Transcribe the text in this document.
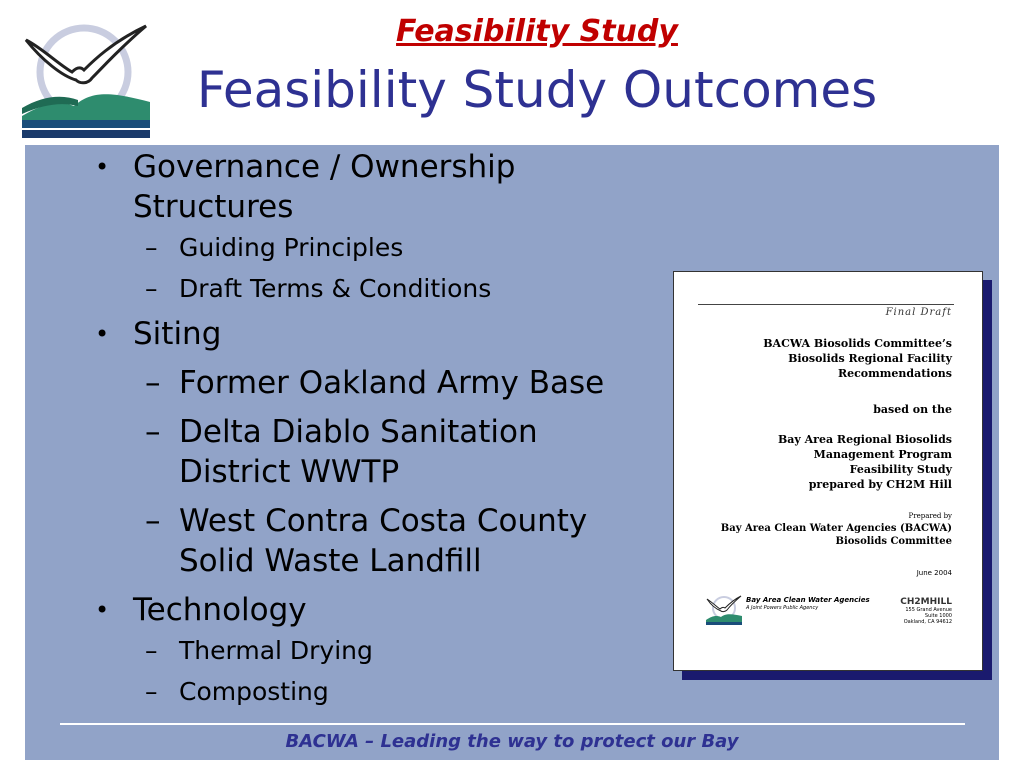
Feasibility Study
Feasibility Study Outcomes
• Governance / Ownership Structures
– Guiding Principles
– Draft Terms & Conditions
• Siting
– Former Oakland Army Base
– Delta Diablo Sanitation District WWTP
– West Contra Costa County Solid Waste Landfill
• Technology
– Thermal Drying
– Composting
Final Draft
BACWA Biosolids Committee’s
Biosolids Regional Facility
Recommendations
based on the
Bay Area Regional Biosolids
Management Program
Feasibility Study
prepared by CH2M Hill
Prepared by
Bay Area Clean Water Agencies (BACWA)
Biosolids Committee
June 2004
Bay Area Clean Water Agencies
A Joint Powers Public Agency
CH2MHILL
155 Grand Avenue
Suite 1000
Oakland, CA 94612
BACWA – Leading the way to protect our Bay
